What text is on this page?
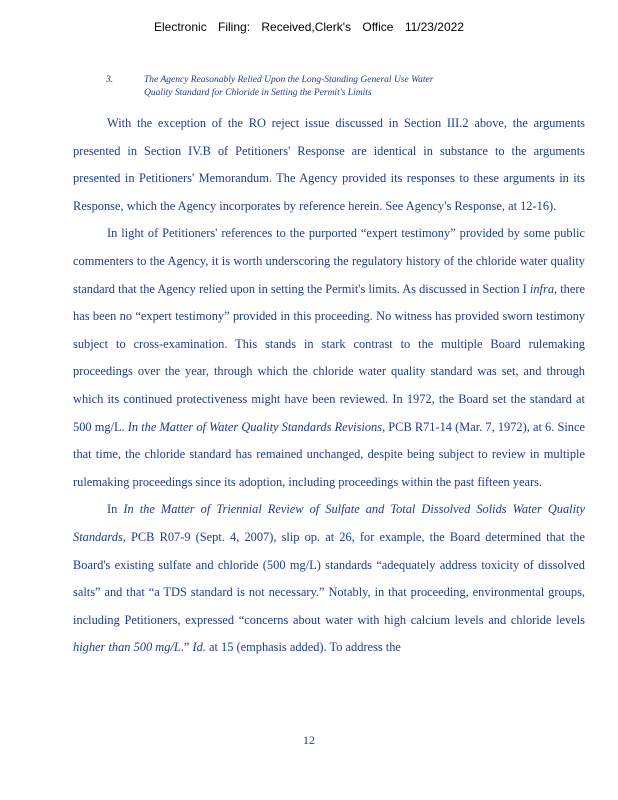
Electronic Filing: Received,Clerk's Office 11/23/2022
3.	The Agency Reasonably Relied Upon the Long-Standing General Use Water
Quality Standard for Chloride in Setting the Permit's Limits

With the exception of the RO reject issue discussed in Section III.2 above, the arguments presented in Section IV.B of Petitioners' Response are identical in substance to the arguments presented in Petitioners' Memorandum. The Agency provided its responses to these arguments in its Response, which the Agency incorporates by reference herein. See Agency's Response, at 12-16).

In light of Petitioners' references to the purported “expert testimony” provided by some public commenters to the Agency, it is worth underscoring the regulatory history of the chloride water quality standard that the Agency relied upon in setting the Permit's limits. As discussed in Section I infra, there has been no “expert testimony” provided in this proceeding. No witness has provided sworn testimony subject to cross-examination. This stands in stark contrast to the multiple Board rulemaking proceedings over the year, through which the chloride water quality standard was set, and through which its continued protectiveness might have been reviewed. In 1972, the Board set the standard at 500 mg/L. In the Matter of Water Quality Standards Revisions, PCB R71-14 (Mar. 7, 1972), at 6. Since that time, the chloride standard has remained unchanged, despite being subject to review in multiple rulemaking proceedings since its adoption, including proceedings within the past fifteen years.

In In the Matter of Triennial Review of Sulfate and Total Dissolved Solids Water Quality Standards, PCB R07-9 (Sept. 4, 2007), slip op. at 26, for example, the Board determined that the Board's existing sulfate and chloride (500 mg/L) standards “adequately address toxicity of dissolved salts” and that “a TDS standard is not necessary.” Notably, in that proceeding, environmental groups, including Petitioners, expressed “concerns about water with high calcium levels and chloride levels higher than 500 mg/L.” Id. at 15 (emphasis added). To address the

12
